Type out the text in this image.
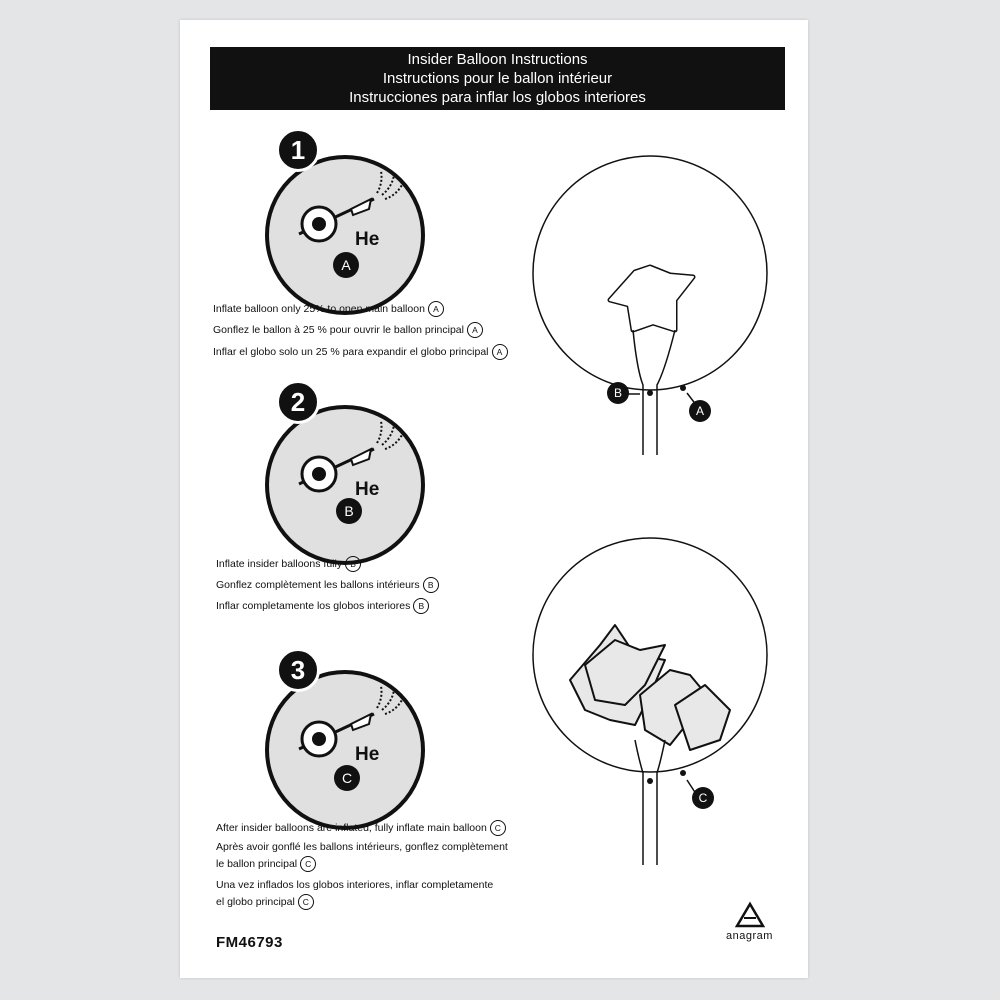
Insider Balloon Instructions
Instructions pour le ballon intérieur
Instrucciones para inflar los globos interiores
He
1
A
Inflate balloon only 25% to open main balloon A
Gonflez le ballon à 25 % pour ouvrir le ballon principal A
Inflar el globo solo un 25 % para expandir el globo principal A
He
2
B
Inflate insider balloons fully B
Gonflez complètement les ballons intérieurs B
Inflar completamente los globos interiores B
He
3
C
After insider balloons are inflated, fully inflate main balloon C
Après avoir gonflé les ballons intérieurs, gonflez complètement
le ballon principal C
Una vez inflados los globos interiores, inflar completamente
el globo principal C
B
A
C
FM46793	anagram
